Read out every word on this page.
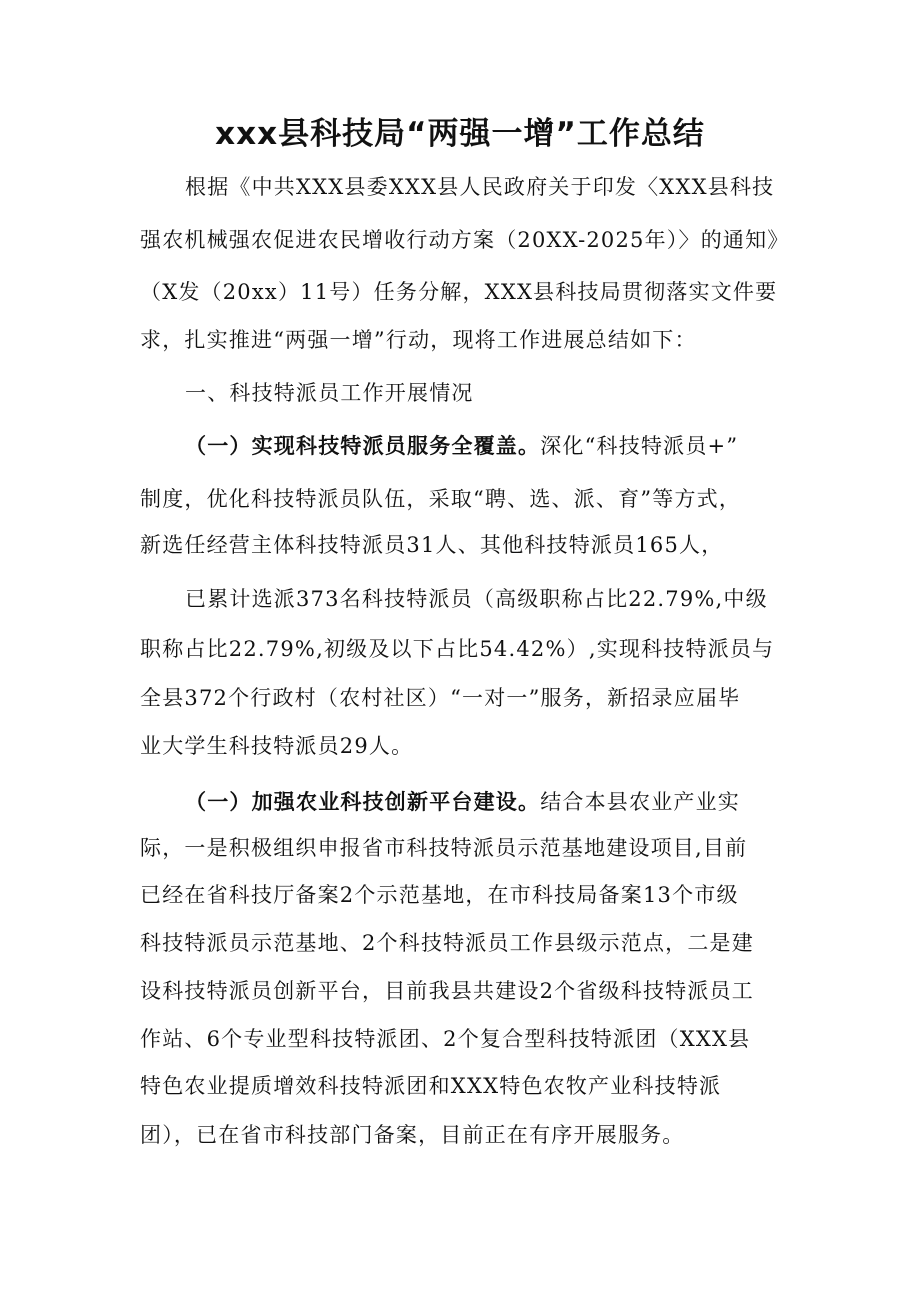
xxx县科技局“两强一增”工作总结
根据《中共XXX县委XXX县人民政府关于印发〈XXX县科技
强农机械强农促进农民增收行动方案（20XX-2025年）〉的通知》
（X发（20xx）11号）任务分解，XXX县科技局贯彻落实文件要
求，扎实推进“两强一增”行动，现将工作进展总结如下：
一、科技特派员工作开展情况
（一）实现科技特派员服务全覆盖。深化“科技特派员+”
制度，优化科技特派员队伍，采取“聘、选、派、育”等方式，
新选任经营主体科技特派员31人、其他科技特派员165人，
已累计选派373名科技特派员（高级职称占比22.79%,中级
职称占比22.79%,初级及以下占比54.42%）,实现科技特派员与
全县372个行政村（农村社区）“一对一”服务，新招录应届毕
业大学生科技特派员29人。
（一）加强农业科技创新平台建设。结合本县农业产业实
际，一是积极组织申报省市科技特派员示范基地建设项目,目前
已经在省科技厅备案2个示范基地，在市科技局备案13个市级
科技特派员示范基地、2个科技特派员工作县级示范点，二是建
设科技特派员创新平台，目前我县共建设2个省级科技特派员工
作站、6个专业型科技特派团、2个复合型科技特派团（XXX县
特色农业提质增效科技特派团和XXX特色农牧产业科技特派
团），已在省市科技部门备案，目前正在有序开展服务。
